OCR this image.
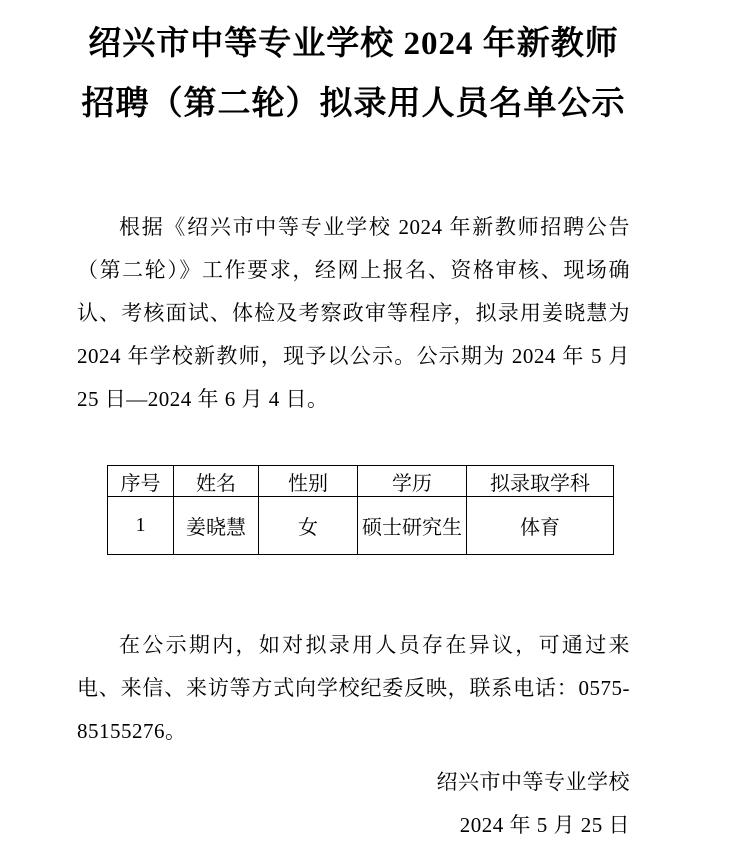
绍兴市中等专业学校 2024 年新教师
招聘（第二轮）拟录用人员名单公示

根据《绍兴市中等专业学校 2024 年新教师招聘公告（第二轮）》工作要求，经网上报名、资格审核、现场确认、考核面试、体检及考察政审等程序，拟录用姜晓慧为 2024 年学校新教师，现予以公示。公示期为 2024 年 5 月 25 日—2024 年 6 月 4 日。

序号	姓名	性别	学历	拟录取学科
1	姜晓慧	女	硕士研究生	体育

在公示期内，如对拟录用人员存在异议，可通过来电、来信、来访等方式向学校纪委反映，联系电话：0575-85155276。

绍兴市中等专业学校
2024 年 5 月 25 日
